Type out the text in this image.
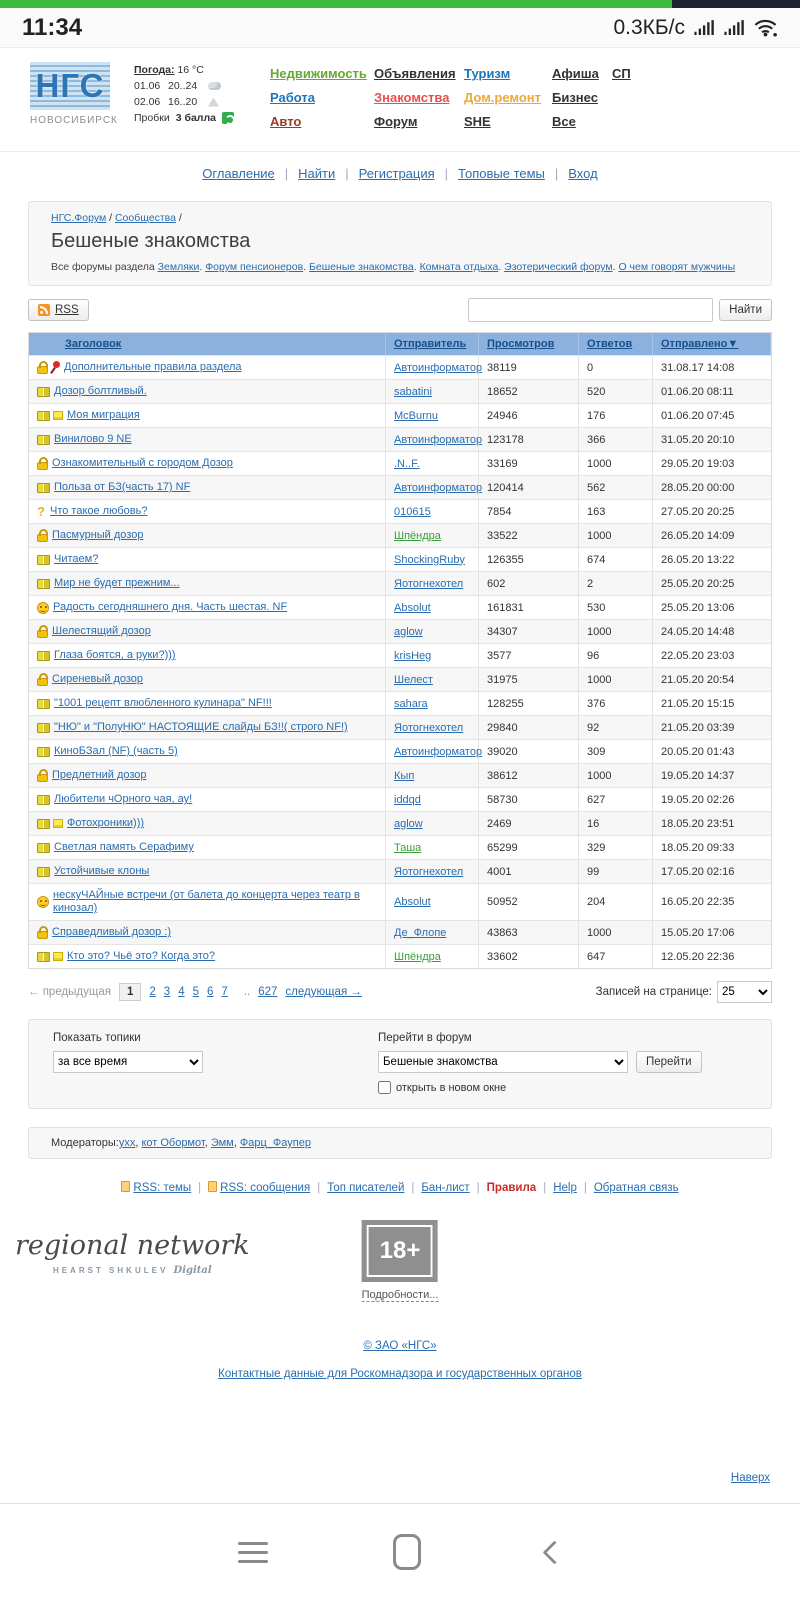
11:34	0.3КБ/с
НГС
НОВОСИБИРСК
Погода: 16 °C
01.06 20..24
02.06 16..20
Пробки 3 балла
Недвижимость Объявления Туризм	Афиша	СП
Работа	Знакомства	Дом.ремонт Бизнес
Авто	Форум	SHE	Все
Оглавление | Найти | Регистрация | Топовые темы | Вход
НГС.Форум / Сообщества /
Бешеные знакомства
Все форумы раздела Земляки. Форум пенсионеров. Бешеные знакомства. Комната отдыха. Эзотерический форум. О чем говорят мужчины
RSS	Найти
Заголовок	Отправитель Просмотров	Ответов	Отправлено▼
Дополнительные правила раздела	Автоинформатор 38119	0	31.08.17 14:08
Дозор болтливый.	sabatini	18652	520	01.06.20 08:11
Моя миграция	McBurnu	24946	176	01.06.20 07:45
Винилово 9 NE	Автоинформатор 123178	366	31.05.20 20:10
Ознакомительный с городом Дозор	.N..F.	33169	1000	29.05.20 19:03
Польза от БЗ(часть 17) NF	Автоинформатор 120414	562	28.05.20 00:00
?
Что такое любовь?	010615	7854	163	27.05.20 20:25
Пасмурный дозор	Шпёндра	33522	1000	26.05.20 14:09
Читаем?	ShockingRuby	126355	674	26.05.20 13:22
Мир не будет прежним...	Яотогнехотел	602	2	25.05.20 20:25
Радость сегодняшнего дня. Часть шестая. NF	Absolut	161831	530	25.05.20 13:06
Шелестящий дозор	aglow	34307	1000	24.05.20 14:48
Глаза боятся, а руки?)))	krisHeg	3577	96	22.05.20 23:03
Сиреневый дозор	Шелест	31975	1000	21.05.20 20:54
"1001 рецепт влюбленного кулинара" NF!!!	sahara	128255	376	21.05.20 15:15
"НЮ" и "ПолуНЮ" НАСТОЯЩИЕ слайды БЗ!!( строго NF!)	Яотогнехотел	29840	92	21.05.20 03:39
КиноБЗал (NF) (часть 5)	Автоинформатор 39020	309	20.05.20 01:43
Предлетний дозор	Кып	38612	1000	19.05.20 14:37
Любители чОрного чая, ау!	iddqd	58730	627	19.05.20 02:26
Фотохроники)))	aglow	2469	16	18.05.20 23:51
Светлая память Серафиму	Таша	65299	329	18.05.20 09:33
Устойчивые клоны	Яотогнехотел	4001	99	17.05.20 02:16
нескуЧАЙные встречи (от балета до концерта через театр в кинозал)	Absolut	50952	204	16.05.20 22:35
Справедливый дозор :)	Де_Флопе	43863	1000	15.05.20 17:06
Кто это? Чьё это? Когда это?	Шпёндра	33602	647	12.05.20 22:36
← предыдущая	1	2 3 4 5 6 7	.. 627 следующая →	Записей на странице:
25
Показать топики
за все время	Перейти в форум
Бешеные знакомства
Перейти
открыть в новом окне
Модераторы:ухх, кот Обормот, Эмм, Фарц_Фаупер
RSS: темы |	RSS: сообщения | Топ писателей | Бан-лист | Правила | Help | Обратная связь
regional network
HEARST SHKULEV Digital
18+
Подробности...
© ЗАО «НГС»
Контактные данные для Роскомнадзора и государственных органов
Наверх
